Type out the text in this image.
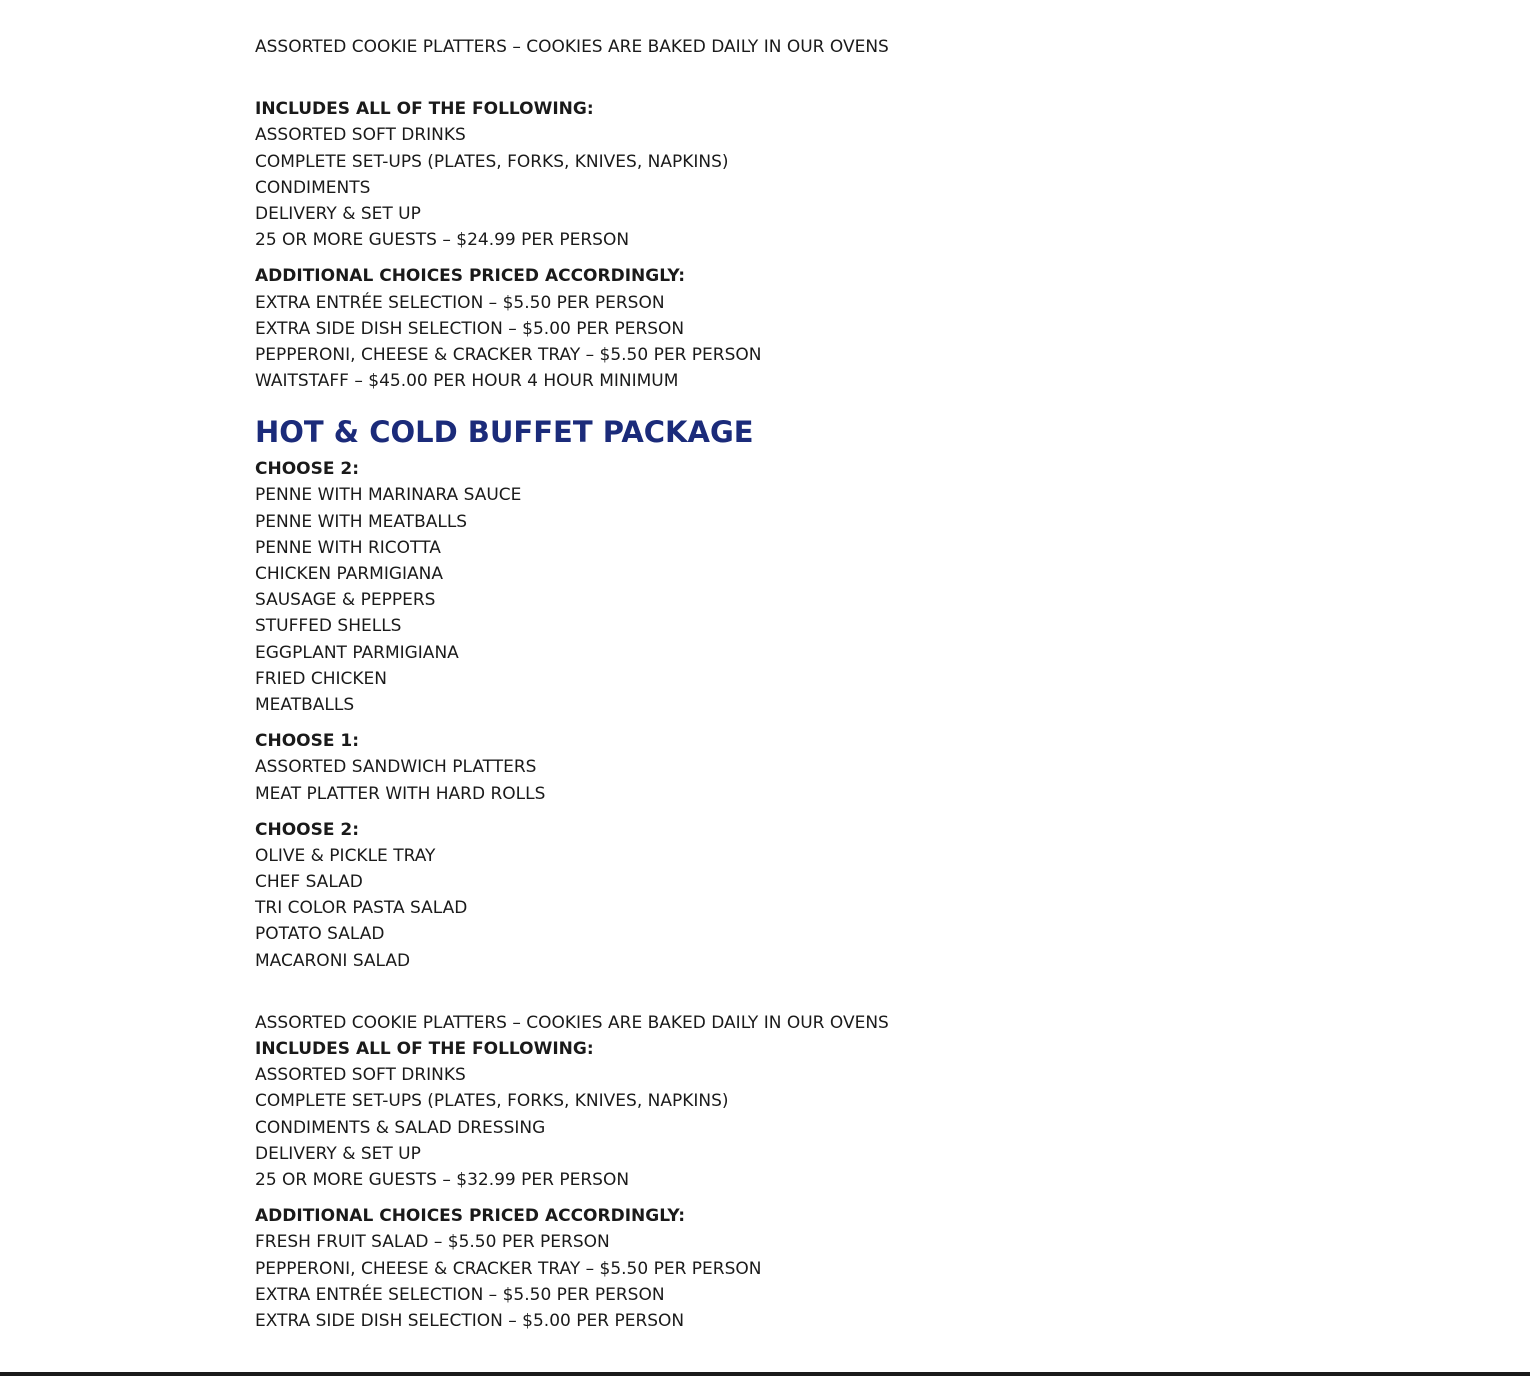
ASSORTED COOKIE PLATTERS – COOKIES ARE BAKED DAILY IN OUR OVENS
INCLUDES ALL OF THE FOLLOWING:
ASSORTED SOFT DRINKS
COMPLETE SET-UPS (PLATES, FORKS, KNIVES, NAPKINS)
CONDIMENTS
DELIVERY & SET UP
25 OR MORE GUESTS – $24.99 PER PERSON
ADDITIONAL CHOICES PRICED ACCORDINGLY:
EXTRA ENTRÉE SELECTION – $5.50 PER PERSON
EXTRA SIDE DISH SELECTION – $5.00 PER PERSON
PEPPERONI, CHEESE & CRACKER TRAY – $5.50 PER PERSON
WAITSTAFF – $45.00 PER HOUR 4 HOUR MINIMUM
HOT & COLD BUFFET PACKAGE
CHOOSE 2:
PENNE WITH MARINARA SAUCE
PENNE WITH MEATBALLS
PENNE WITH RICOTTA
CHICKEN PARMIGIANA
SAUSAGE & PEPPERS
STUFFED SHELLS
EGGPLANT PARMIGIANA
FRIED CHICKEN
MEATBALLS
CHOOSE 1:
ASSORTED SANDWICH PLATTERS
MEAT PLATTER WITH HARD ROLLS
CHOOSE 2:
OLIVE & PICKLE TRAY
CHEF SALAD
TRI COLOR PASTA SALAD
POTATO SALAD
MACARONI SALAD
ASSORTED COOKIE PLATTERS – COOKIES ARE BAKED DAILY IN OUR OVENS
INCLUDES ALL OF THE FOLLOWING:
ASSORTED SOFT DRINKS
COMPLETE SET-UPS (PLATES, FORKS, KNIVES, NAPKINS)
CONDIMENTS & SALAD DRESSING
DELIVERY & SET UP
25 OR MORE GUESTS – $32.99 PER PERSON
ADDITIONAL CHOICES PRICED ACCORDINGLY:
FRESH FRUIT SALAD – $5.50 PER PERSON
PEPPERONI, CHEESE & CRACKER TRAY – $5.50 PER PERSON
EXTRA ENTRÉE SELECTION – $5.50 PER PERSON
EXTRA SIDE DISH SELECTION – $5.00 PER PERSON
